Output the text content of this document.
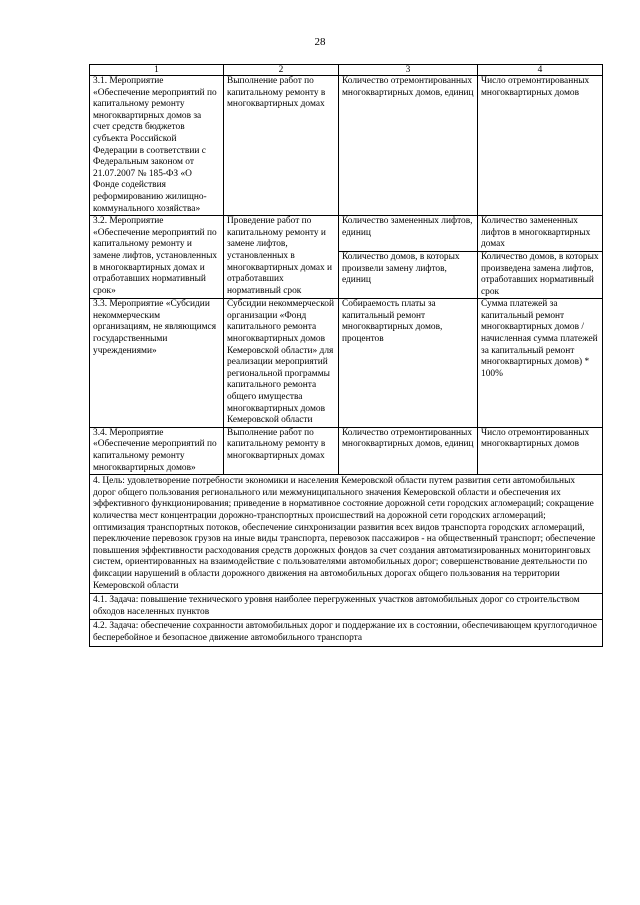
28
1	2	3	4
3.1. Мероприятие «Обеспечение мероприятий по капитальному ремонту многоквартирных домов за счет средств бюджетов субъекта Российской Федерации в соответствии с Федеральным законом от 21.07.2007 № 185-ФЗ «О Фонде содействия реформированию жилищно-коммунального хозяйства»	Выполнение работ по капитальному ремонту в многоквартирных домах	Количество отремонтированных многоквартирных домов, единиц	Число отремонтированных многоквартирных домов
3.2. Мероприятие «Обеспечение мероприятий по капитальному ремонту и замене лифтов, установленных в многоквартирных домах и отработавших нормативный срок»	Проведение работ по капитальному ремонту и замене лифтов, установленных в многоквартирных домах и отработавших нормативный срок	Количество замененных лифтов, единиц	Количество замененных лифтов в многоквартирных домах
		Количество домов, в которых произвели замену лифтов, единиц	Количество домов, в которых произведена замена лифтов, отработавших нормативный срок
3.3. Мероприятие «Субсидии некоммерческим организациям, не являющимся государственными учреждениями»	Субсидии некоммерческой организации «Фонд капитального ремонта многоквартирных домов Кемеровской области» для реализации мероприятий региональной программы капитального ремонта общего имущества многоквартирных домов Кемеровской области	Собираемость платы за капитальный ремонт многоквартирных домов, процентов	Сумма платежей за капитальный ремонт многоквартирных домов / начисленная сумма платежей за капитальный ремонт многоквартирных домов) * 100%
3.4. Мероприятие «Обеспечение мероприятий по капитальному ремонту многоквартирных домов»	Выполнение работ по капитальному ремонту в многоквартирных домах	Количество отремонтированных многоквартирных домов, единиц	Число отремонтированных многоквартирных домов
4. Цель: удовлетворение потребности экономики и населения Кемеровской области путем развития сети автомобильных дорог общего пользования регионального или межмуниципального значения Кемеровской области и обеспечения их эффективного функционирования; приведение в нормативное состояние дорожной сети городских агломераций; сокращение количества мест концентрации дорожно-транспортных происшествий на дорожной сети городских агломераций; оптимизация транспортных потоков, обеспечение синхронизации развития всех видов транспорта городских агломераций, переключение перевозок грузов на иные виды транспорта, перевозок пассажиров - на общественный транспорт; обеспечение повышения эффективности расходования средств дорожных фондов за счет создания автоматизированных мониторинговых систем, ориентированных на взаимодействие с пользователями автомобильных дорог; совершенствование деятельности по фиксации нарушений в области дорожного движения на автомобильных дорогах общего пользования на территории Кемеровской области			
4.1. Задача: повышение технического уровня наиболее перегруженных участков автомобильных дорог со строительством обходов населенных пунктов			
4.2. Задача: обеспечение сохранности автомобильных дорог и поддержание их в состоянии, обеспечивающем круглогодичное бесперебойное и безопасное движение автомобильного транспорта			
